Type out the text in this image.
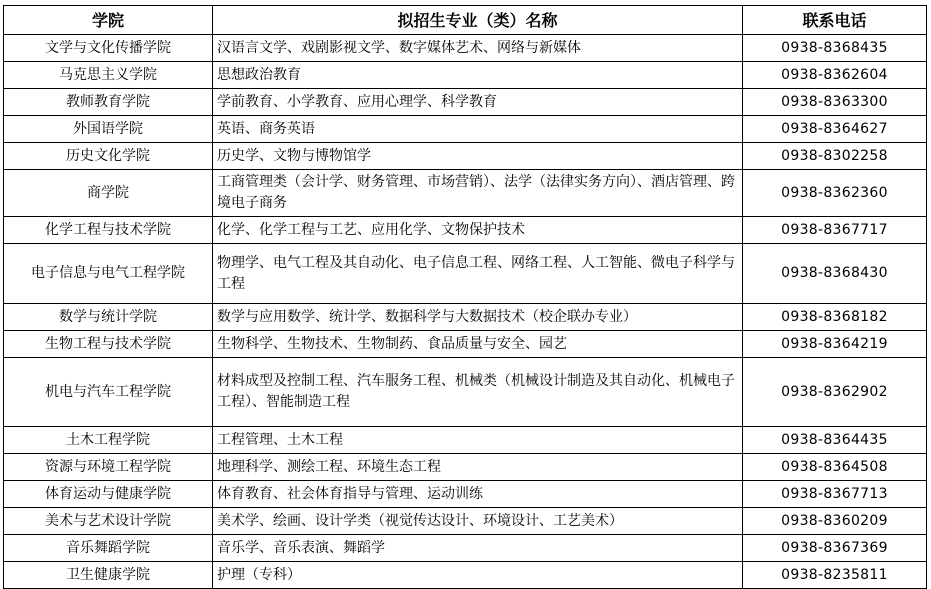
学院	拟招生专业（类）名称	联系电话
文学与文化传播学院	汉语言文学、戏剧影视文学、数字媒体艺术、网络与新媒体	0938-8368435
马克思主义学院	思想政治教育	0938-8362604
教师教育学院	学前教育、小学教育、应用心理学、科学教育	0938-8363300
外国语学院	英语、商务英语	0938-8364627
历史文化学院	历史学、文物与博物馆学	0938-8302258
商学院	工商管理类（会计学、财务管理、市场营销）、法学（法律实务方向）、酒店管理、跨境电子商务	0938-8362360
化学工程与技术学院	化学、化学工程与工艺、应用化学、文物保护技术	0938-8367717
电子信息与电气工程学院	物理学、电气工程及其自动化、电子信息工程、网络工程、人工智能、微电子科学与工程	0938-8368430
数学与统计学院	数学与应用数学、统计学、数据科学与大数据技术（校企联办专业）	0938-8368182
生物工程与技术学院	生物科学、生物技术、生物制药、食品质量与安全、园艺	0938-8364219
机电与汽车工程学院	材料成型及控制工程、汽车服务工程、机械类（机械设计制造及其自动化、机械电子工程）、智能制造工程	0938-8362902
土木工程学院	工程管理、土木工程	0938-8364435
资源与环境工程学院	地理科学、测绘工程、环境生态工程	0938-8364508
体育运动与健康学院	体育教育、社会体育指导与管理、运动训练	0938-8367713
美术与艺术设计学院	美术学、绘画、设计学类（视觉传达设计、环境设计、工艺美术）	0938-8360209
音乐舞蹈学院	音乐学、音乐表演、舞蹈学	0938-8367369
卫生健康学院	护理（专科）	0938-8235811
